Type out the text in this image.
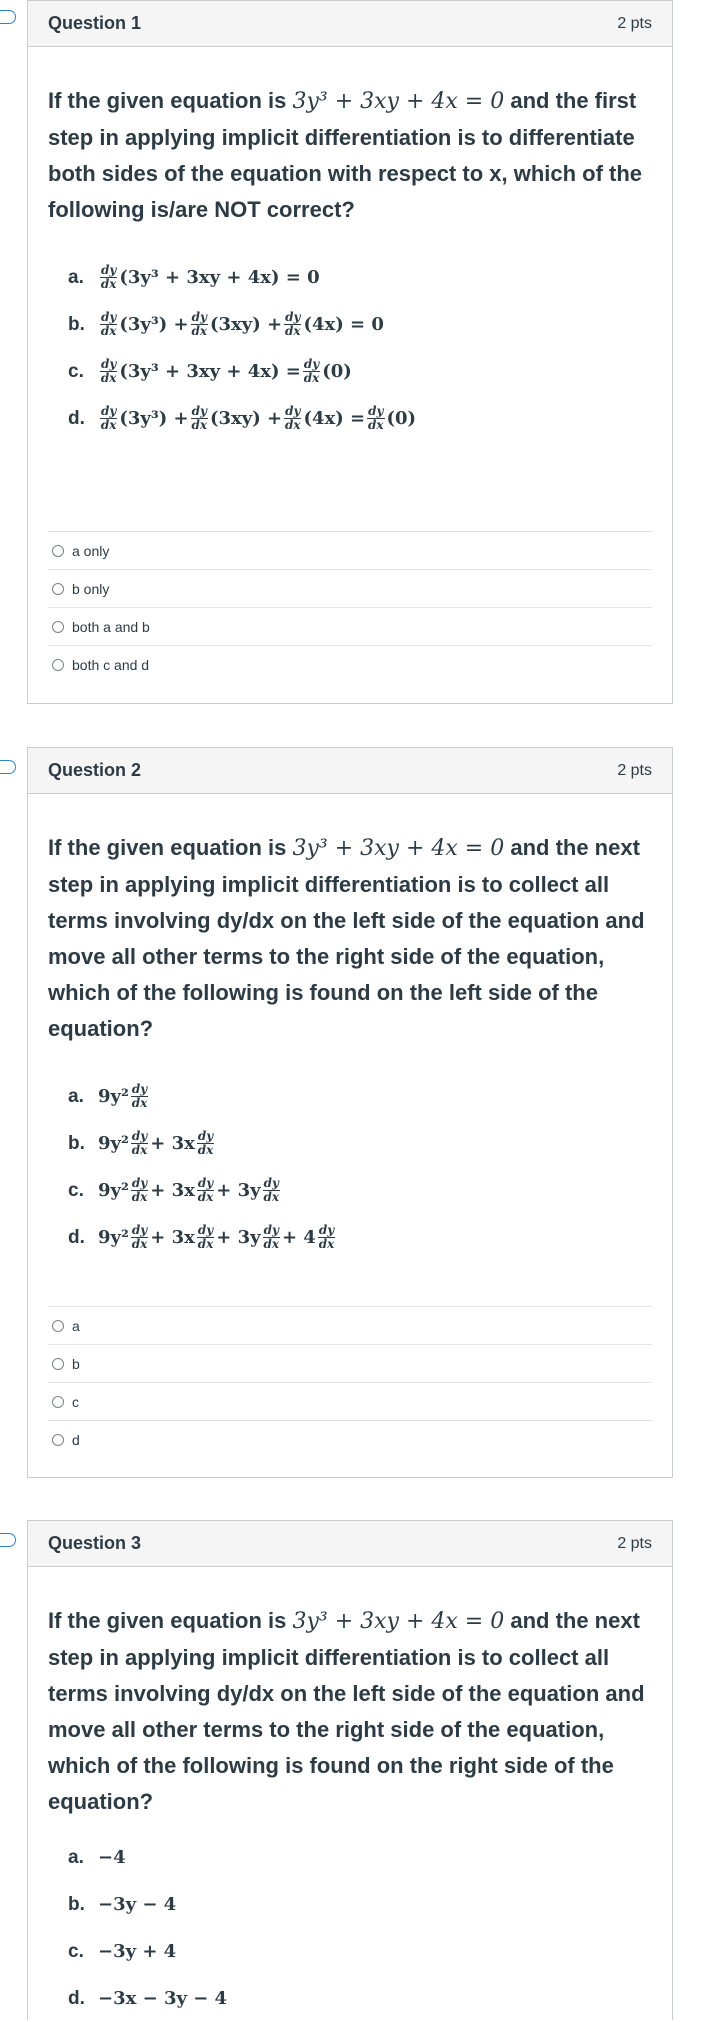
Question 1	2 pts
If the given equation is 3y³ + 3xy + 4x = 0 and the first step in applying implicit differentiation is to differentiate both sides of the equation with respect to x, which of the following is/are NOT correct?
a.	$\frac{dy}{dx} (3y^3 + 3xy + 4x) = 0$
b.	$\frac{dy}{dx} (3y^3) + \frac{dy}{dx} (3xy) + \frac{dy}{dx} (4x) = 0$
c.	$\frac{dy}{dx} (3y^3 + 3xy + 4x) = \frac{dy}{dx} (0)$
d.	$\frac{dy}{dx} (3y^3) + \frac{dy}{dx} (3xy) + \frac{dy}{dx} (4x) = \frac{dy}{dx} (0)$
a only
b only
both a and b
both c and d
Question 2	2 pts
If the given equation is 3y³ + 3xy + 4x = 0 and the next step in applying implicit differentiation is to collect all terms involving dy/dx on the left side of the equation and move all other terms to the right side of the equation, which of the following is found on the left side of the equation?
a. $9y^2 \frac{dy}{dx}$
b. $9y^2 \frac{dy}{dx} + 3x \frac{dy}{dx}$
c. $9y^2 \frac{dy}{dx} + 3x \frac{dy}{dx} + 3y \frac{dy}{dx}$
d. $9y^2 \frac{dy}{dx} + 3x \frac{dy}{dx} + 3y \frac{dy}{dx} + 4 \frac{dy}{dx}$
a
b
c
d
Question 3	2 pts
If the given equation is 3y³ + 3xy + 4x = 0 and the next step in applying implicit differentiation is to collect all terms involving dy/dx on the left side of the equation and move all other terms to the right side of the equation, which of the following is found on the right side of the equation?
a. −4
b. −3y − 4
c. −3y + 4
d. −3x − 3y − 4
